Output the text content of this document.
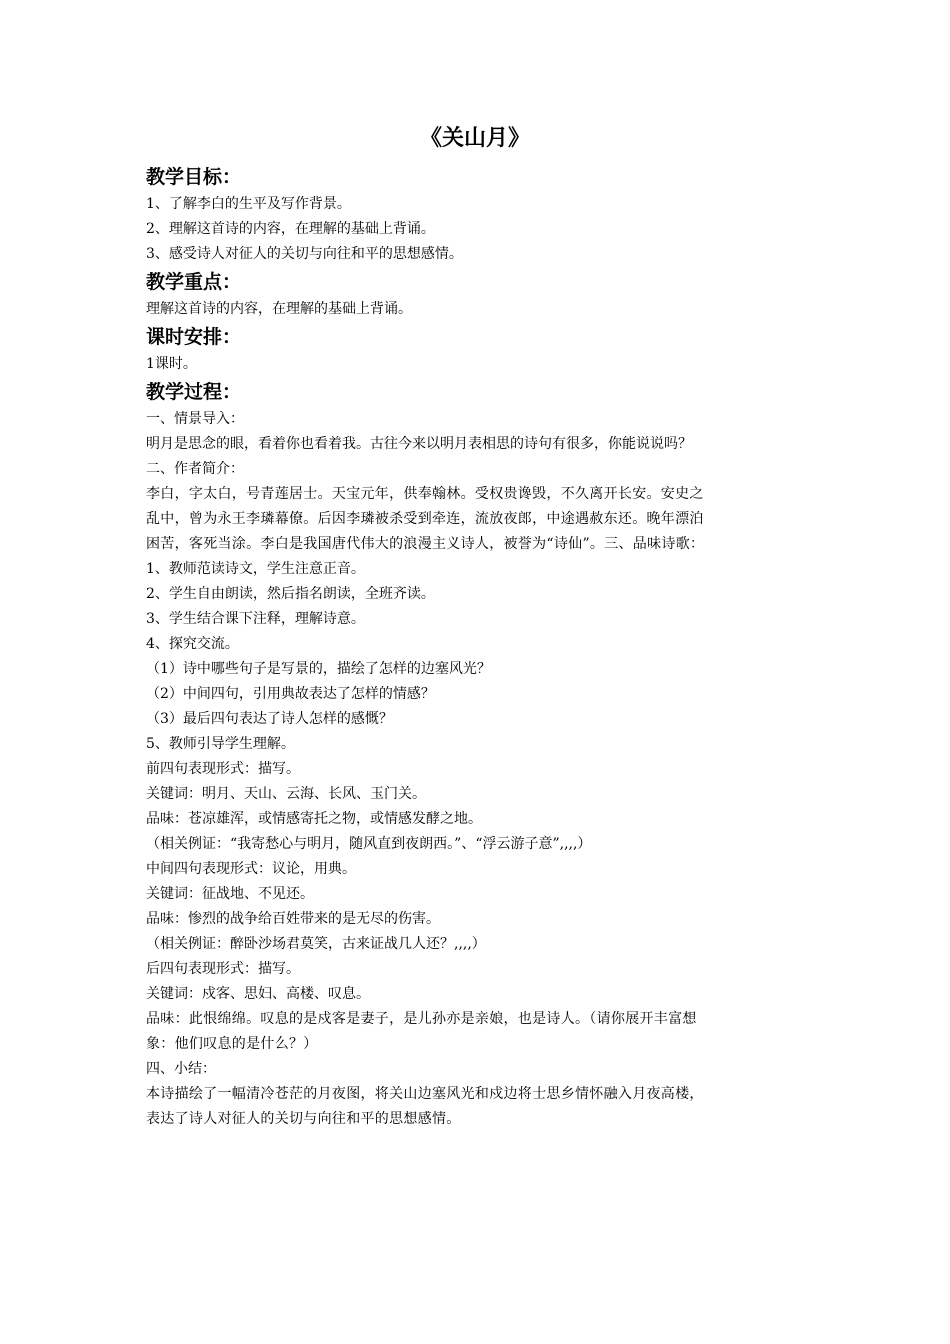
《关山月》
教学目标：

1、了解李白的生平及写作背景。

2、理解这首诗的内容，在理解的基础上背诵。

3、感受诗人对征人的关切与向往和平的思想感情。

教学重点：

理解这首诗的内容，在理解的基础上背诵。

课时安排：

1课时。

教学过程：

一、情景导入：

明月是思念的眼，看着你也看着我。古往今来以明月表相思的诗句有很多，你能说说吗？

二、作者简介：

李白，字太白，号青莲居士。天宝元年，供奉翰林。受权贵谗毁，不久离开长安。安史之
乱中，曾为永王李璘幕僚。后因李璘被杀受到牵连，流放夜郎，中途遇赦东还。晚年漂泊
困苦，客死当涂。李白是我国唐代伟大的浪漫主义诗人，被誉为“诗仙”。三、品味诗歌：

1、教师范读诗文，学生注意正音。

2、学生自由朗读，然后指名朗读，全班齐读。

3、学生结合课下注释，理解诗意。

4、探究交流。

（1）诗中哪些句子是写景的，描绘了怎样的边塞风光？

（2）中间四句，引用典故表达了怎样的情感？

（3）最后四句表达了诗人怎样的感慨？

5、教师引导学生理解。

前四句表现形式：描写。

关键词：明月、天山、云海、长风、玉门关。

品味：苍凉雄浑，或情感寄托之物，或情感发酵之地。

（相关例证：“我寄愁心与明月，随风直到夜朗西。”、“浮云游子意”,,,,）

中间四句表现形式：议论，用典。

关键词：征战地、不见还。

品味：惨烈的战争给百姓带来的是无尽的伤害。

（相关例证：醉卧沙场君莫笑，古来证战几人还？,,,,）

后四句表现形式：描写。

关键词：戍客、思妇、高楼、叹息。

品味：此恨绵绵。叹息的是戍客是妻子，是儿孙亦是亲娘，也是诗人。（请你展开丰富想
象：他们叹息的是什么？）

四、小结：

本诗描绘了一幅清冷苍茫的月夜图，将关山边塞风光和戍边将士思乡情怀融入月夜高楼，
表达了诗人对征人的关切与向往和平的思想感情。
